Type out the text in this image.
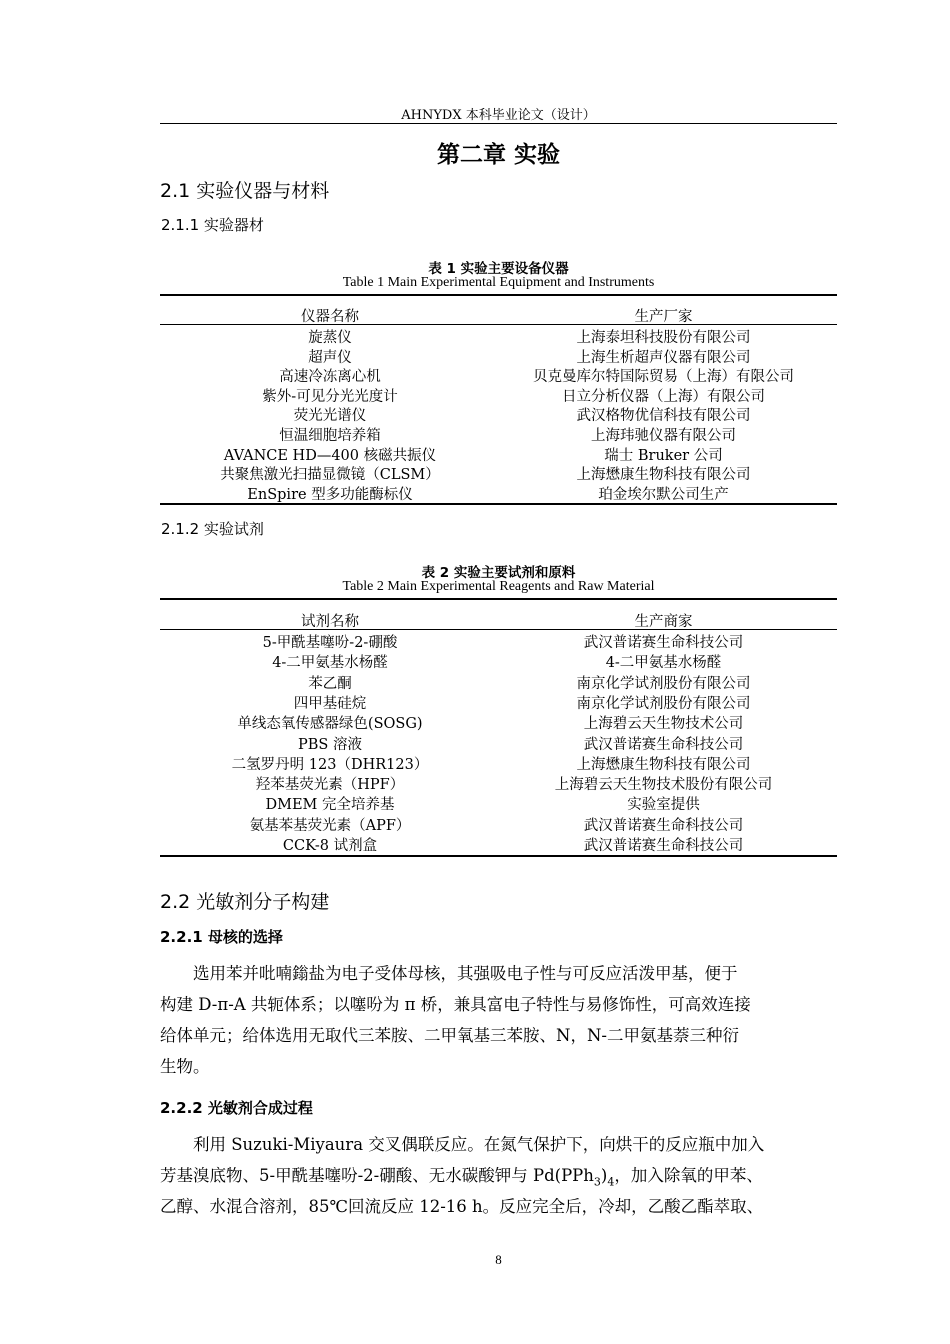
AHNYDX 本科毕业论文（设计）
第二章 实验
2.1 实验仪器与材料
2.1.1 实验器材
表 1 实验主要设备仪器
Table 1 Main Experimental Equipment and Instruments
仪器名称	生产厂家
旋蒸仪	上海泰坦科技股份有限公司
超声仪	上海生析超声仪器有限公司
高速冷冻离心机	贝克曼库尔特国际贸易（上海）有限公司
紫外-可见分光光度计	日立分析仪器（上海）有限公司
荧光光谱仪	武汉格物优信科技有限公司
恒温细胞培养箱	上海玮驰仪器有限公司
AVANCE HD—400 核磁共振仪	瑞士 Bruker 公司
共聚焦激光扫描显微镜（CLSM）	上海懋康生物科技有限公司
EnSpire 型多功能酶标仪	珀金埃尔默公司生产
2.1.2 实验试剂
表 2 实验主要试剂和原料
Table 2 Main Experimental Reagents and Raw Material
试剂名称	生产商家
5-甲酰基噻吩-2-硼酸	武汉普诺赛生命科技公司
4-二甲氨基水杨醛	4-二甲氨基水杨醛
苯乙酮	南京化学试剂股份有限公司
四甲基硅烷	南京化学试剂股份有限公司
单线态氧传感器绿色(SOSG)	上海碧云天生物技术公司
PBS 溶液	武汉普诺赛生命科技公司
二氢罗丹明 123（DHR123）	上海懋康生物科技有限公司
羟苯基荧光素（HPF）	上海碧云天生物技术股份有限公司
DMEM 完全培养基	实验室提供
氨基苯基荧光素（APF）	武汉普诺赛生命科技公司
CCK-8 试剂盒	武汉普诺赛生命科技公司
2.2 光敏剂分子构建
2.2.1 母核的选择
选用苯并吡喃鎓盐为电子受体母核，其强吸电子性与可反应活泼甲基，便于
构建 D-π-A 共轭体系；以噻吩为 π 桥，兼具富电子特性与易修饰性，可高效连接
给体单元；给体选用无取代三苯胺、二甲氧基三苯胺、N，N-二甲氨基萘三种衍
生物。
2.2.2 光敏剂合成过程
利用 Suzuki-Miyaura 交叉偶联反应。在氮气保护下，向烘干的反应瓶中加入
芳基溴底物、5-甲酰基噻吩-2-硼酸、无水碳酸钾与 $Pd(PPh_3)_4$，加入除氧的甲苯、
乙醇、水混合溶剂，85℃回流反应 12-16 h。反应完全后，冷却，乙酸乙酯萃取、
8
